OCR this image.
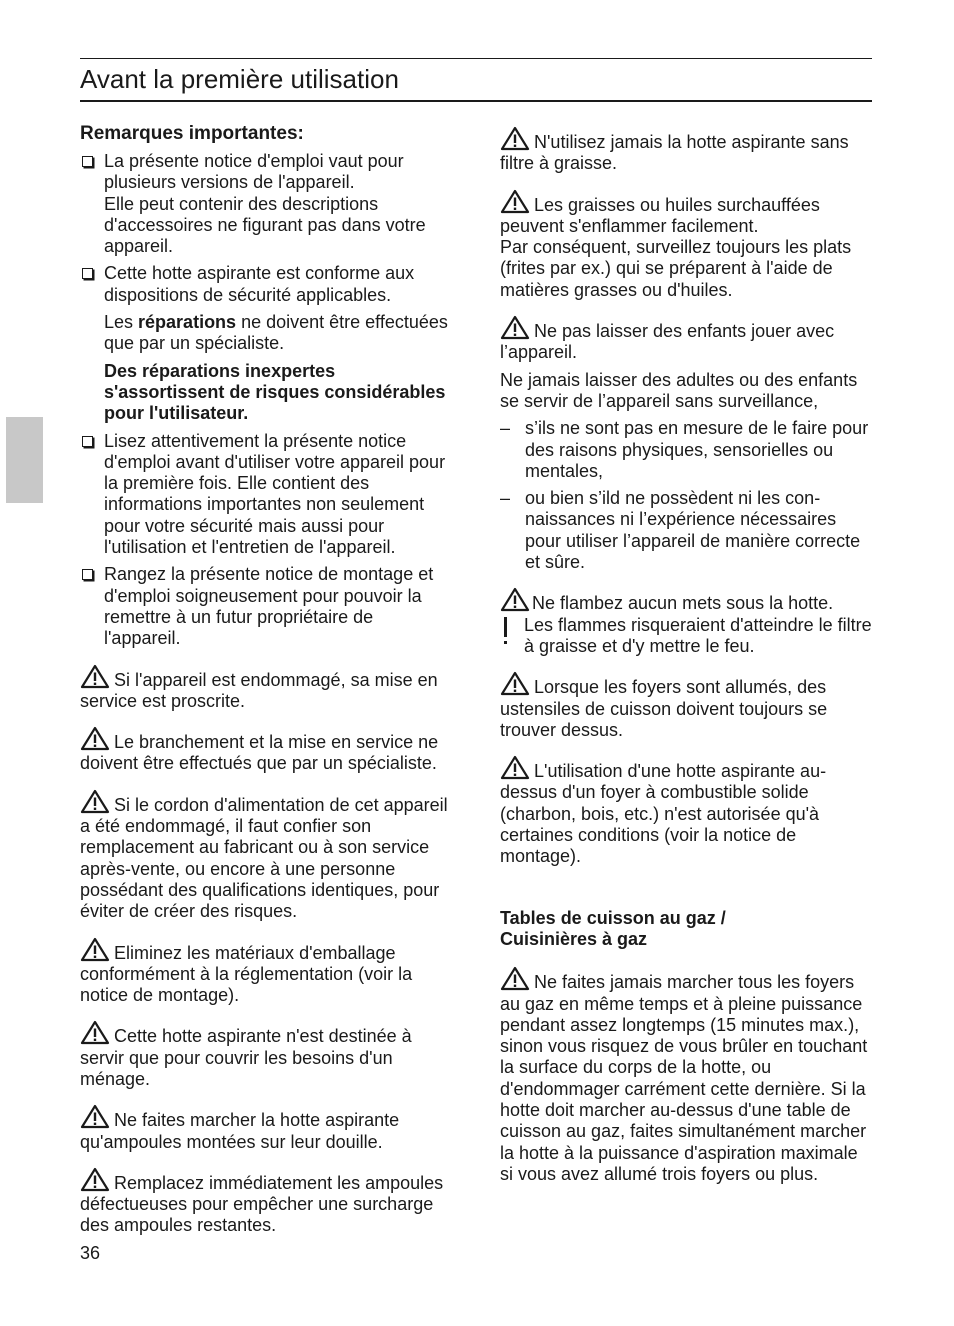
Avant la première utilisation
Remarques importantes:
La présente notice d'emploi vaut pour plusieurs versions de l'appareil.
Elle peut contenir des descriptions d'accessoires ne figurant pas dans votre appareil.
Cette hotte aspirante est conforme aux dispositions de sécurité applicables.
Les réparations ne doivent être effectuées que par un spécialiste.
Des réparations inexpertes s'assortissent de risques considérables pour l'utilisateur.
Lisez attentivement la présente notice d'emploi avant d'utiliser votre appareil pour la première fois. Elle contient des informations importantes non seulement pour votre sécurité mais aussi pour l'utilisation et l'entretien de l'appareil.
Rangez la présente notice de montage et d'emploi soigneusement pour pouvoir la remettre à un futur propriétaire de l'appareil.
Si l'appareil est endommagé, sa mise en service est proscrite.
Le branchement et la mise en service ne doivent être effectués que par un spécialiste.
Si le cordon d'alimentation de cet appareil a été endommagé, il faut confier son remplacement au fabricant ou à son service après-vente, ou encore à une personne possédant des qualifications identiques, pour éviter de créer des risques.
Eliminez les matériaux d'emballage conformément à la réglementation (voir la notice de montage).
Cette hotte aspirante n'est destinée à servir que pour couvrir les besoins d'un ménage.
Ne faites marcher la hotte aspirante qu'ampoules montées sur leur douille.
Remplacez immédiatement les ampoules défectueuses pour empêcher une surcharge des ampoules restantes.
N'utilisez jamais la hotte aspirante sans filtre à graisse.
Les graisses ou huiles surchauffées peuvent s'enflammer facilement.
Par conséquent, surveillez toujours les plats (frites par ex.) qui se préparent à l'aide de matières grasses ou d'huiles.
Ne pas laisser des enfants jouer avec l’appareil.
Ne jamais laisser des adultes ou des enfants se servir de l’appareil sans surveillance,
– s’ils ne sont pas en mesure de le faire pour des raisons physiques, sensorielles ou mentales,
– ou bien s’ild ne possèdent ni les con-naissances ni l’expérience nécessaires pour utiliser l’appareil de manière correcte et sûre.
Ne flambez aucun mets sous la hotte.
Les flammes risqueraient d'atteindre le filtre à graisse et d'y mettre le feu.
Lorsque les foyers sont allumés, des ustensiles de cuisson doivent toujours se trouver dessus.
L'utilisation d'une hotte aspirante au-dessus d'un foyer à combustible solide (charbon, bois, etc.) n'est autorisée qu'à certaines conditions (voir la notice de montage).
Tables de cuisson au gaz /
Cuisinières à gaz
Ne faites jamais marcher tous les foyers au gaz en même temps et à pleine puissance pendant assez longtemps (15 minutes max.), sinon vous risquez de vous brûler en touchant la surface du corps de la hotte, ou d'endommager carrément cette dernière. Si la hotte doit marcher au-dessus d'une table de cuisson au gaz, faites simultanément marcher la hotte à la puissance d'aspiration maximale si vous avez allumé trois foyers ou plus.
36
